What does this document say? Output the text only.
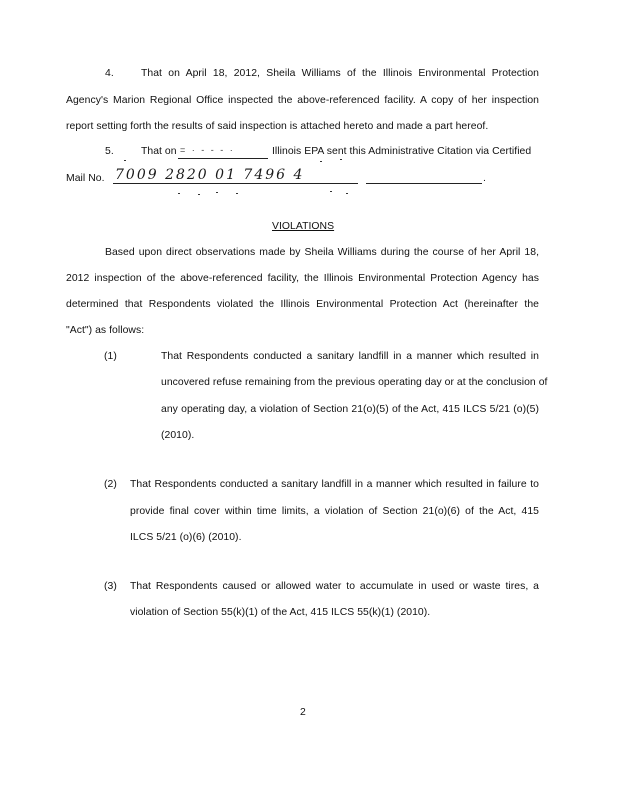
4.	That on April 18, 2012, Sheila Williams of the Illinois Environmental Protection
Agency's Marion Regional Office inspected the above-referenced facility. A copy of her inspection
report setting forth the results of said inspection is attached hereto and made a part hereof.
5.	That on = · - - - ·	Illinois EPA sent this Administrative Citation via Certified
Mail No. 7009 2820 01 7496 4	.
VIOLATIONS
Based upon direct observations made by Sheila Williams during the course of her April 18,
2012 inspection of the above-referenced facility, the Illinois Environmental Protection Agency has
determined that Respondents violated the Illinois Environmental Protection Act (hereinafter the
"Act") as follows:
(1)	That Respondents conducted a sanitary landfill in a manner which resulted in
uncovered refuse remaining from the previous operating day or at the conclusion of
any operating day, a violation of Section 21(o)(5) of the Act, 415 ILCS 5/21 (o)(5)
(2010).
(2) That Respondents conducted a sanitary landfill in a manner which resulted in failure to
provide final cover within time limits, a violation of Section 21(o)(6) of the Act, 415
ILCS 5/21 (o)(6) (2010).
(3) That Respondents caused or allowed water to accumulate in used or waste tires, a
violation of Section 55(k)(1) of the Act, 415 ILCS 55(k)(1) (2010).
2
